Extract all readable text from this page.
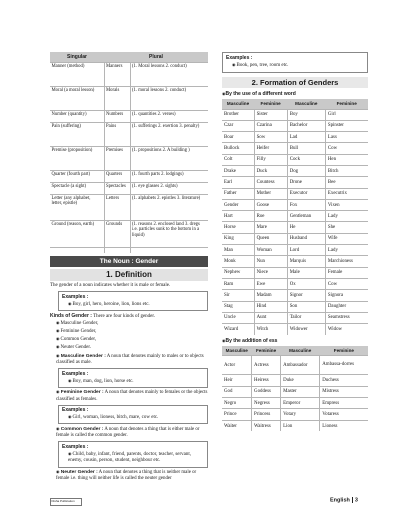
Singular	Plural	
Manner (method)	Manners	(1. Moral lessons 2. conduct)
Moral (a moral lesson)	Morals	(1. moral lessons 2. conduct)
Number (quantity)	Numbers	(1. quantities 2. verses)
Pain (suffering)	Pains	(1. sufferings 2. exertion 3. penalty)
Premise (proposition)	Premises	(1. propositions 2. A building )
Quarter (fourth part)	Quarters	(1. fourth parts 2. lodgings)
Spectacle (a sight)	Spectacles	(1. eye glasses 2. sights)
Letter (any alphabet, letter, epistle)	Letters	(1. alphabets 2. epistles 3. literature)
Ground (reason, earth)	Grounds	(1. reasons 2. enclosed land 3. dregs i.e. particles sunk to the bottom in a liquid)

The Noun : Gender
1. Definition
The gender of a noun indicates whether it is male or female.
Examples :
◉ Boy, girl, hero, heroine, lion, lions etc.
Kinds of Gender : There are four kinds of gender.
◉ Masculine Gender,
◉ Feminine Gender,
◉ Common Gender,
◉ Neuter Gender.
◉ Masculine Gender : A noun that denotes mainly to males or to objects classified as male.
Examples :
◉ Boy, man, dog, lion, horse etc.
◉ Feminine Gender : A noun that denotes mainly to females or the objects classified as females.
Examples :
◉ Girl, woman, lioness, bitch, mare, cow etc.
◉ Common Gender : A noun that denotes a thing that is either male or female is called the common gender.
Examples :
◉ Child, baby, infant, friend, parents, doctor, teacher, servant, enemy, cousin, person, student, neighbour etc.
◉ Neuter Gender : A noun that denotes a thing that is neither male or female i.e. thing will neither life is called the neuter gender
Examples :
◉ Book, pen, tree, room etc.
2. Formation of Genders
◉ By the use of a different word
Masculine	Feminine	Masculine	Feminine
Brother	Sister	Boy	Girl
Czar	Czarina	Bachelor	Spinster
Boar	Sow	Lad	Lass
Bullock	Heifer	Bull	Cow
Colt	Filly	Cock	Hen
Drake	Duck	Dog	Bitch
Earl	Countess	Drone	Bee
Father	Mother	Executor	Executrix
Gender	Goose	Fox	Vixen
Hart	Roe	Gentleman	Lady
Horse	Mare	He	She
King	Queen	Husband	Wife
Man	Woman	Lord	Lady
Monk	Nun	Marquis	Marchioness
Nephew	Niece	Male	Female
Ram	Ewe	Ox	Cow
Sir	Madam	Signor	Signora
Stag	Hind	Son	Daughter
Uncle	Aunt	Tailor	Seamstress
Wizard	Witch	Widower	Widow
◉ By the addition of ess
Masculine	Feminine	Masculine	Feminine
Actor	Actress	Ambassador	Ambassa-dorres
Heir	Heiress	Duke	Duchess
God	Goddess	Master	Mistress
Negro	Negress	Emperor	Empress
Prince	Princess	Votary	Votaress
Waiter	Waitress	Lion	Lioness
Disha Publication	English 3
